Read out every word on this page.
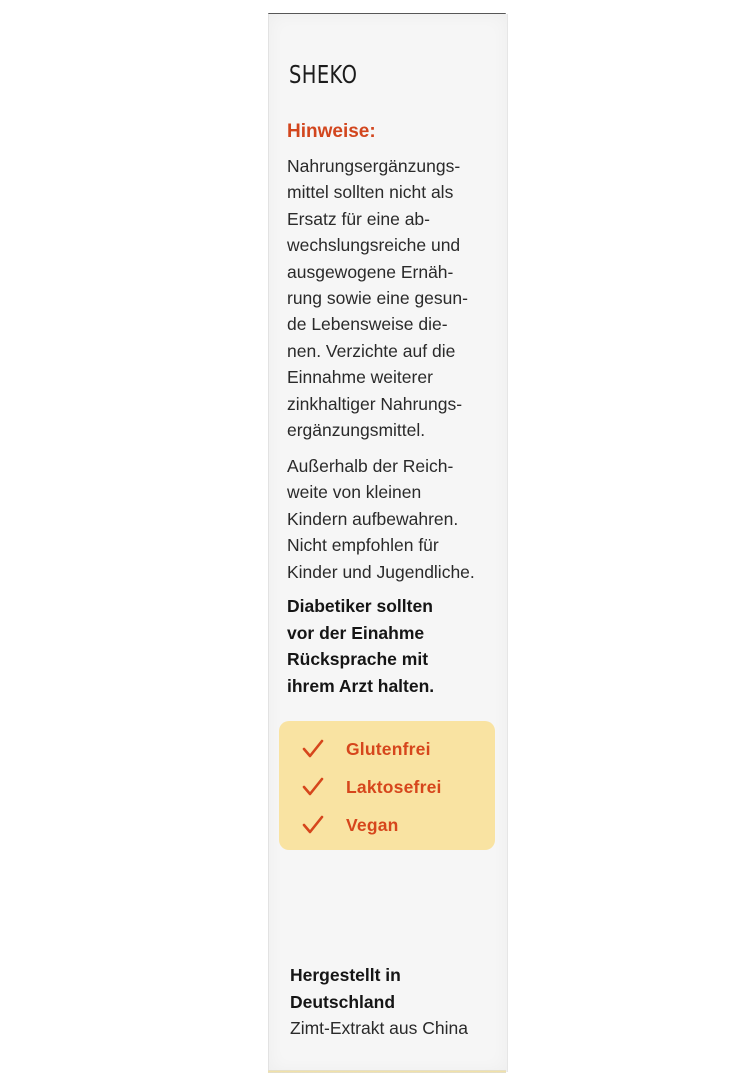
SHEKO
Hinweise:
Nahrungsergänzungs-
mittel sollten nicht als
Ersatz für eine ab-
wechslungsreiche und
ausgewogene Ernäh-
rung sowie eine gesun-
de Lebensweise die-
nen. Verzichte auf die
Einnahme weiterer
zinkhaltiger Nahrungs-
ergänzungsmittel.
Außerhalb der Reich-
weite von kleinen
Kindern aufbewahren.
Nicht empfohlen für
Kinder und Jugendliche.
Diabetiker sollten
vor der Einahme
Rücksprache mit
ihrem Arzt halten.
Glutenfrei
Laktosefrei
Vegan
Hergestellt in
Deutschland
Zimt-Extrakt aus China
